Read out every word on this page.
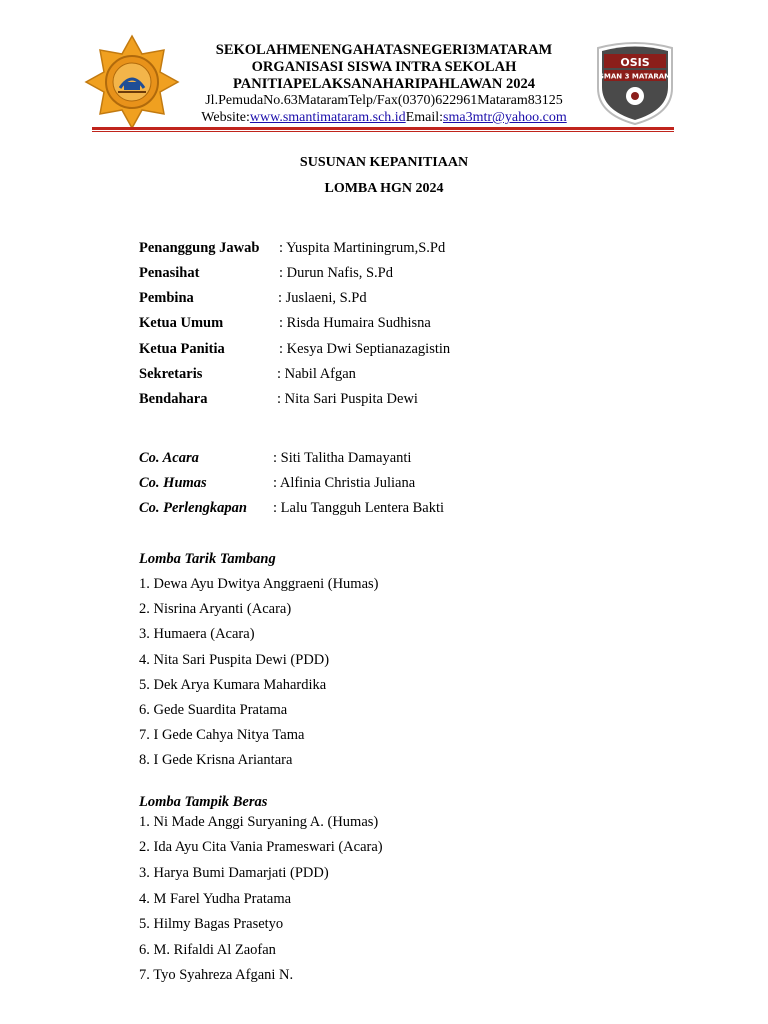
OSIS
SMAN 3 MATARAM
SEKOLAHMENENGAHATASNEGERI3MATARAM
ORGANISASI SISWA INTRA SEKOLAH
PANITIAPELAKSANAHARIPAHLAWAN 2024
Jl.PemudaNo.63MataramTelp/Fax(0370)622961Mataram83125
Website:www.smantimataram.sch.idEmail:sma3mtr@yahoo.com
SUSUNAN KEPANITIAAN
LOMBA HGN 2024
Penanggung Jawab : Yuspita Martiningrum,S.Pd
Penasihat	: Durun Nafis, S.Pd
Pembina	: Juslaeni, S.Pd
Ketua Umum	: Risda Humaira Sudhisna
Ketua Panitia	: Kesya Dwi Septianazagistin
Sekretaris	: Nabil Afgan
Bendahara	: Nita Sari Puspita Dewi
Co. Acara	: Siti Talitha Damayanti
Co. Humas	: Alfinia Christia Juliana
Co. Perlengkapan : Lalu Tangguh Lentera Bakti
Lomba Tarik Tambang
1. Dewa Ayu Dwitya Anggraeni (Humas)
2. Nisrina Aryanti (Acara)
3. Humaera (Acara)
4. Nita Sari Puspita Dewi (PDD)
5. Dek Arya Kumara Mahardika
6. Gede Suardita Pratama
7. I Gede Cahya Nitya Tama
8. I Gede Krisna Ariantara
Lomba Tampik Beras
1. Ni Made Anggi Suryaning A. (Humas)
2. Ida Ayu Cita Vania Prameswari (Acara)
3. Harya Bumi Damarjati (PDD)
4. M Farel Yudha Pratama
5. Hilmy Bagas Prasetyo
6. M. Rifaldi Al Zaofan
7. Tyo Syahreza Afgani N.
